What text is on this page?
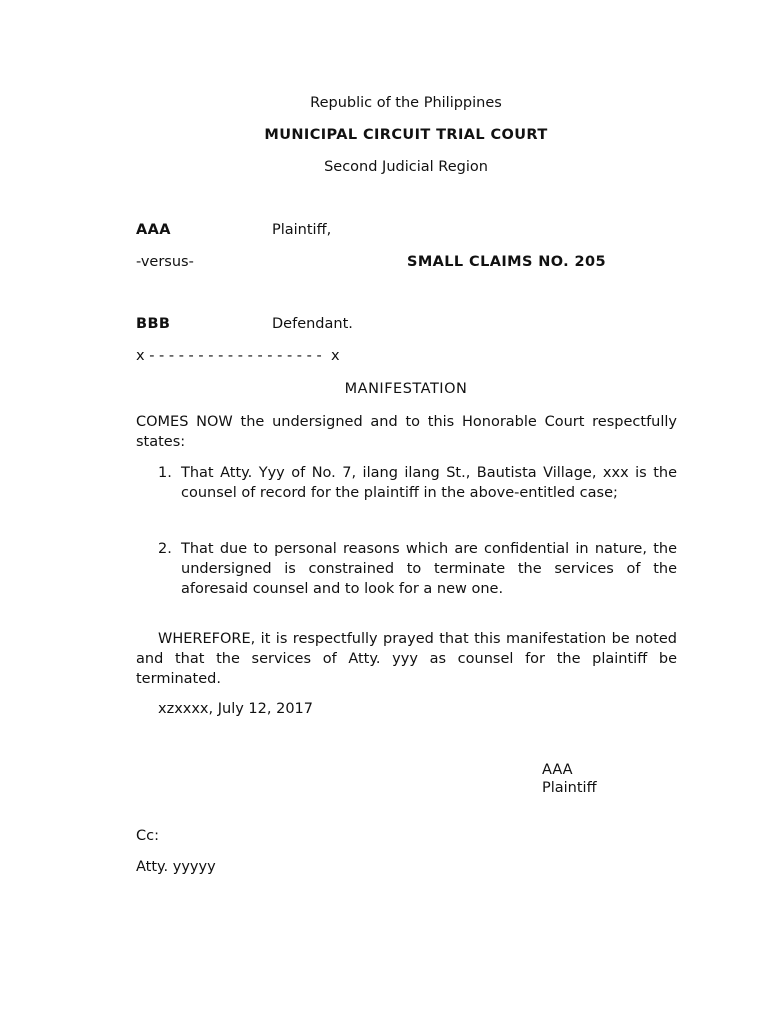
Republic of the Philippines
MUNICIPAL CIRCUIT TRIAL COURT
Second Judicial Region
AAA	Plaintiff,
-versus-	SMALL CLAIMS NO. 205
BBB	Defendant.
x - - - - - - - - - - - - - - - - - -  x
MANIFESTATION
COMES NOW the undersigned and to this Honorable Court respectfully states:
1. That Atty. Yyy of No. 7, ilang ilang St., Bautista Village, xxx is the counsel of record for the plaintiff in the above-entitled case;
2. That due to personal reasons which are confidential in nature, the undersigned is constrained to terminate the services of the aforesaid counsel and to look for a new one.
WHEREFORE, it is respectfully prayed that this manifestation be noted and that the services of Atty. yyy as counsel for the plaintiff be terminated.
xzxxxx, July 12, 2017
AAA
Plaintiff
Cc:
Atty. yyyyy
